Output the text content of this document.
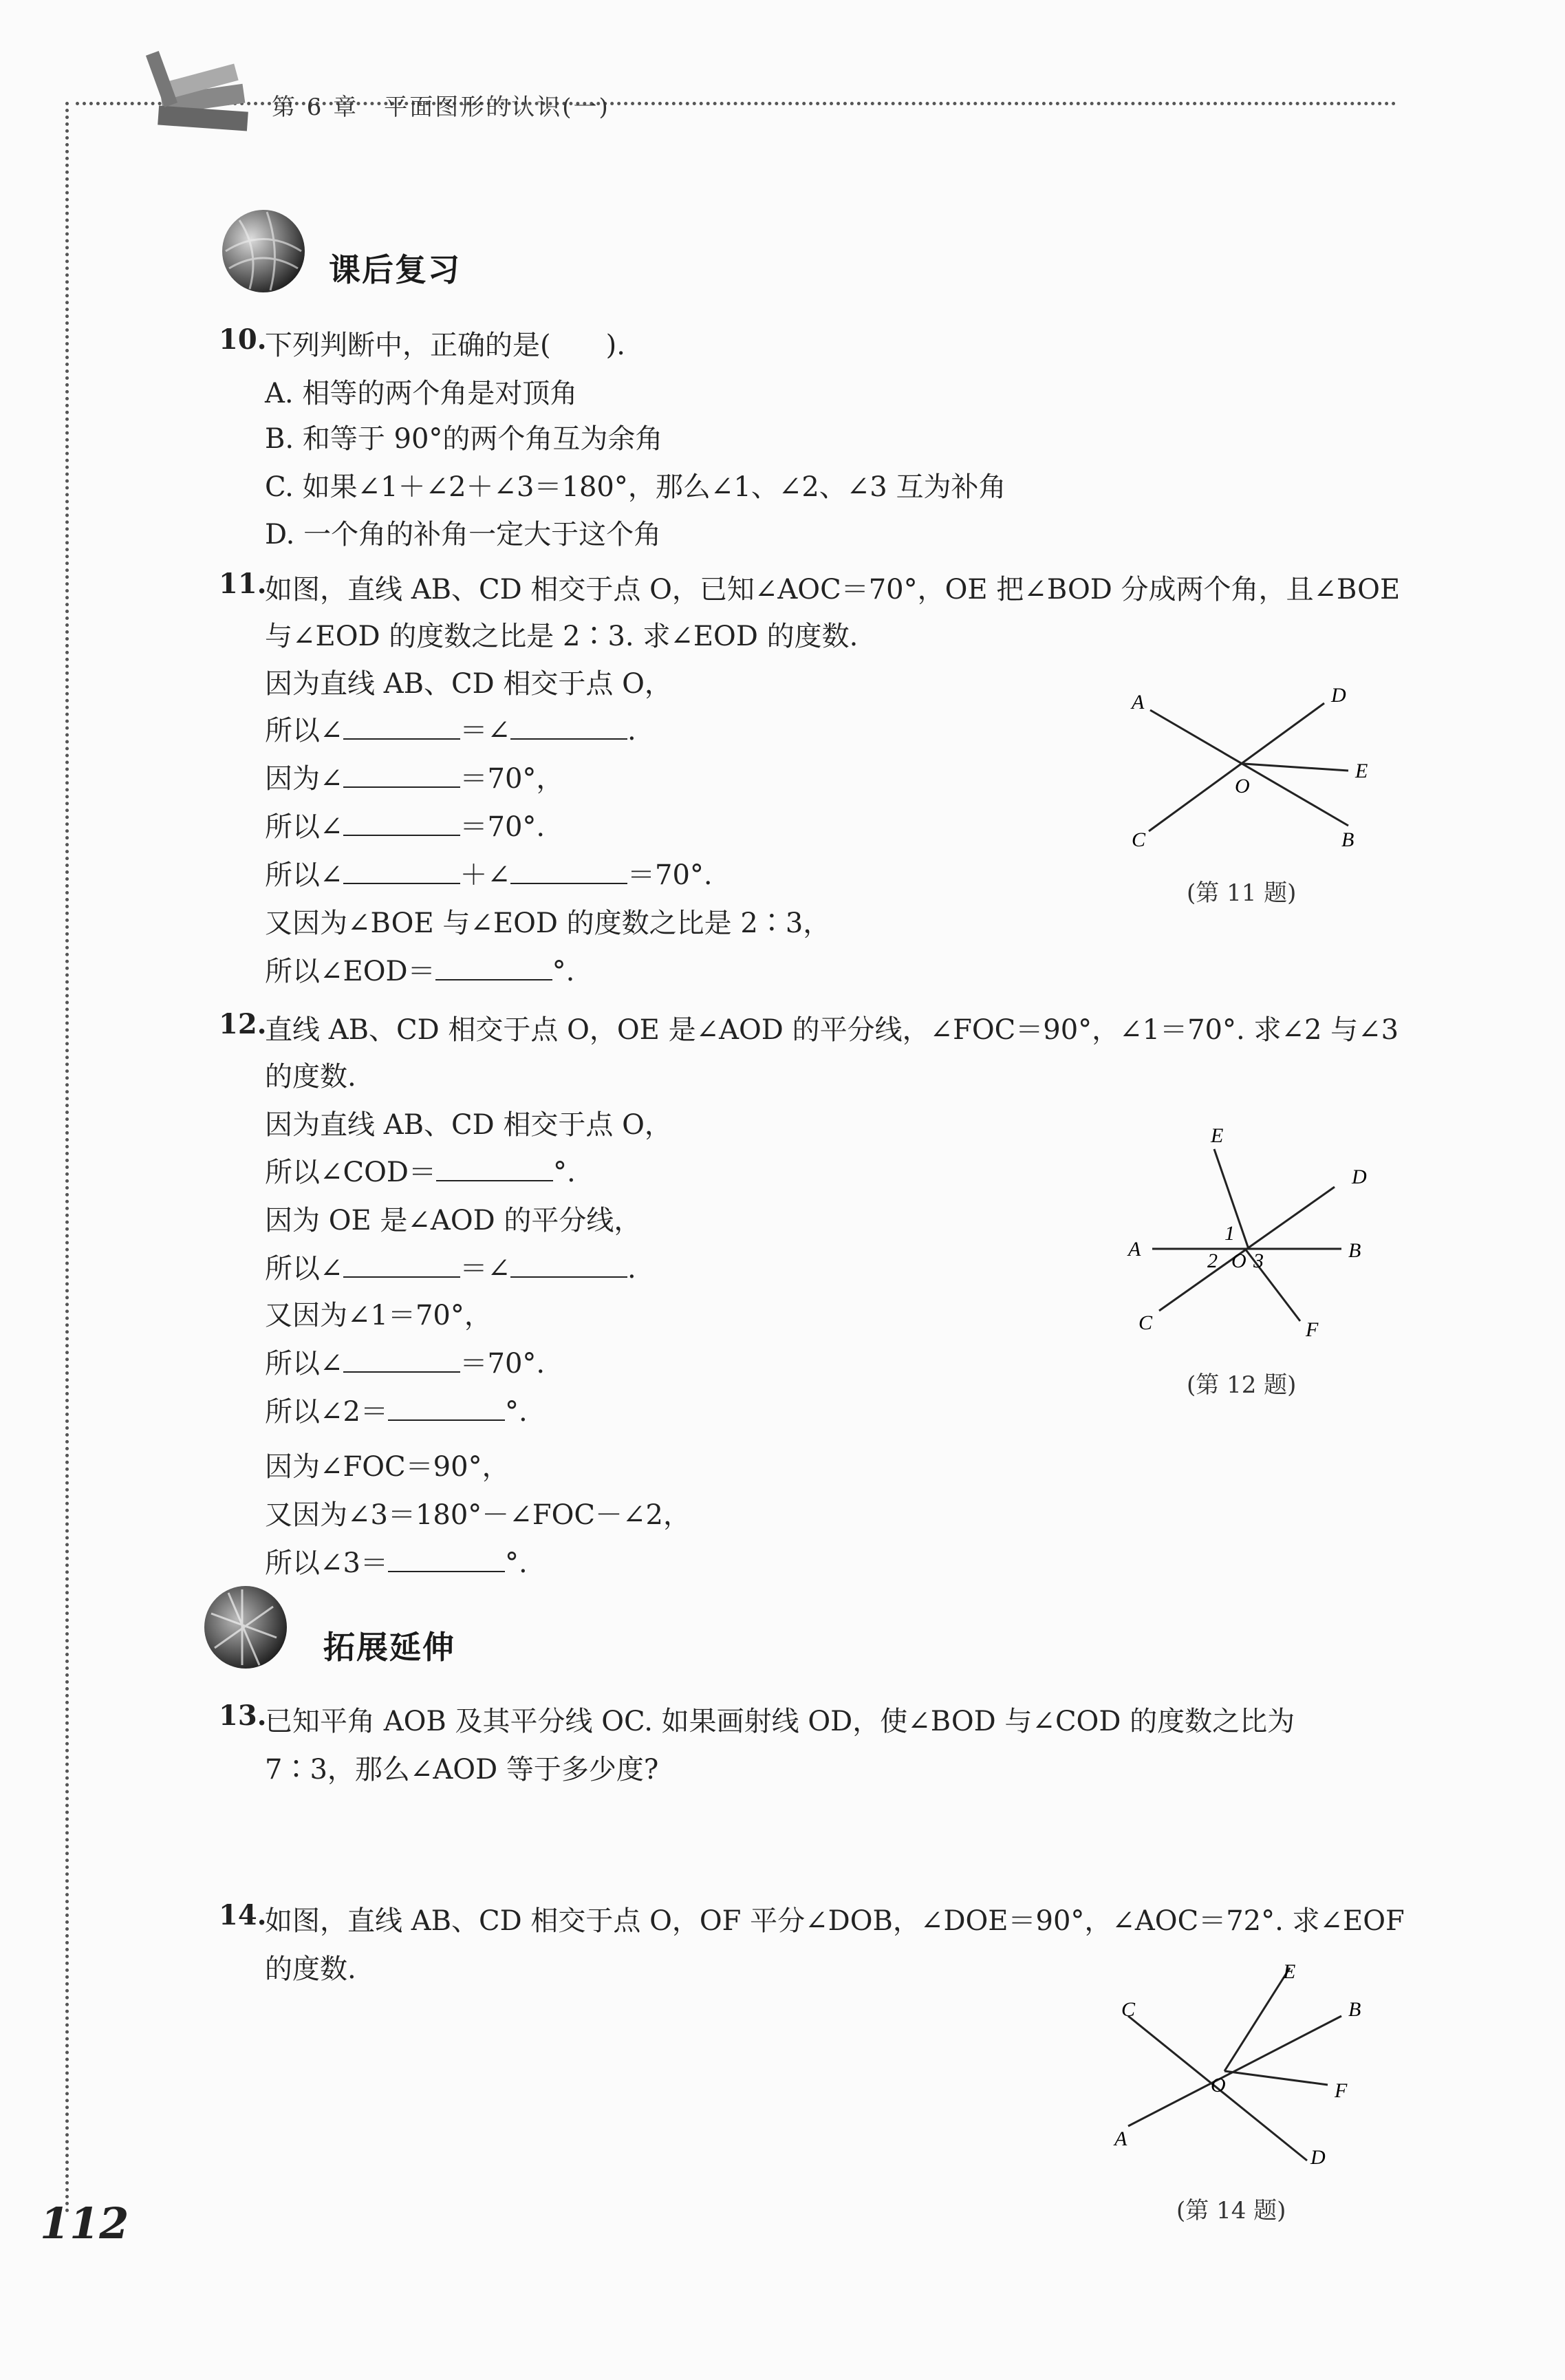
第 6 章　平面图形的认识(一)
课后复习
10.
下列判断中，正确的是(　　).
A. 相等的两个角是对顶角
B. 和等于 90°的两个角互为余角
C. 如果∠1＋∠2＋∠3＝180°，那么∠1、∠2、∠3 互为补角
D. 一个角的补角一定大于这个角
11.
如图，直线 AB、CD 相交于点 O，已知∠AOC＝70°，OE 把∠BOD 分成两个角，且∠BOE
与∠EOD 的度数之比是 2∶3. 求∠EOD 的度数.
因为直线 AB、CD 相交于点 O，
所以∠	＝∠	.
因为∠	＝70°，
所以∠	＝70°.
所以∠	＋∠	＝70°.
又因为∠BOE 与∠EOD 的度数之比是 2∶3，
所以∠EOD＝	°.
A	D
E
O
C	B
(第 11 题)
12.
直线 AB、CD 相交于点 O，OE 是∠AOD 的平分线，∠FOC＝90°，∠1＝70°. 求∠2 与∠3
的度数.
因为直线 AB、CD 相交于点 O，
所以∠COD＝	°.
因为 OE 是∠AOD 的平分线，
所以∠	＝∠	.
又因为∠1＝70°，
所以∠	＝70°.
所以∠2＝	°.
因为∠FOC＝90°，
又因为∠3＝180°－∠FOC－∠2，
所以∠3＝	°.
E
D
A	B
1
2 O 3
C	F
(第 12 题)
拓展延伸
13.
已知平角 AOB 及其平分线 OC. 如果画射线 OD，使∠BOD 与∠COD 的度数之比为
7∶3，那么∠AOD 等于多少度?
14.
如图，直线 AB、CD 相交于点 O，OF 平分∠DOB，∠DOE＝90°，∠AOC＝72°. 求∠EOF
的度数.	E
B
C
O	F
A
D
(第 14 题)
112
